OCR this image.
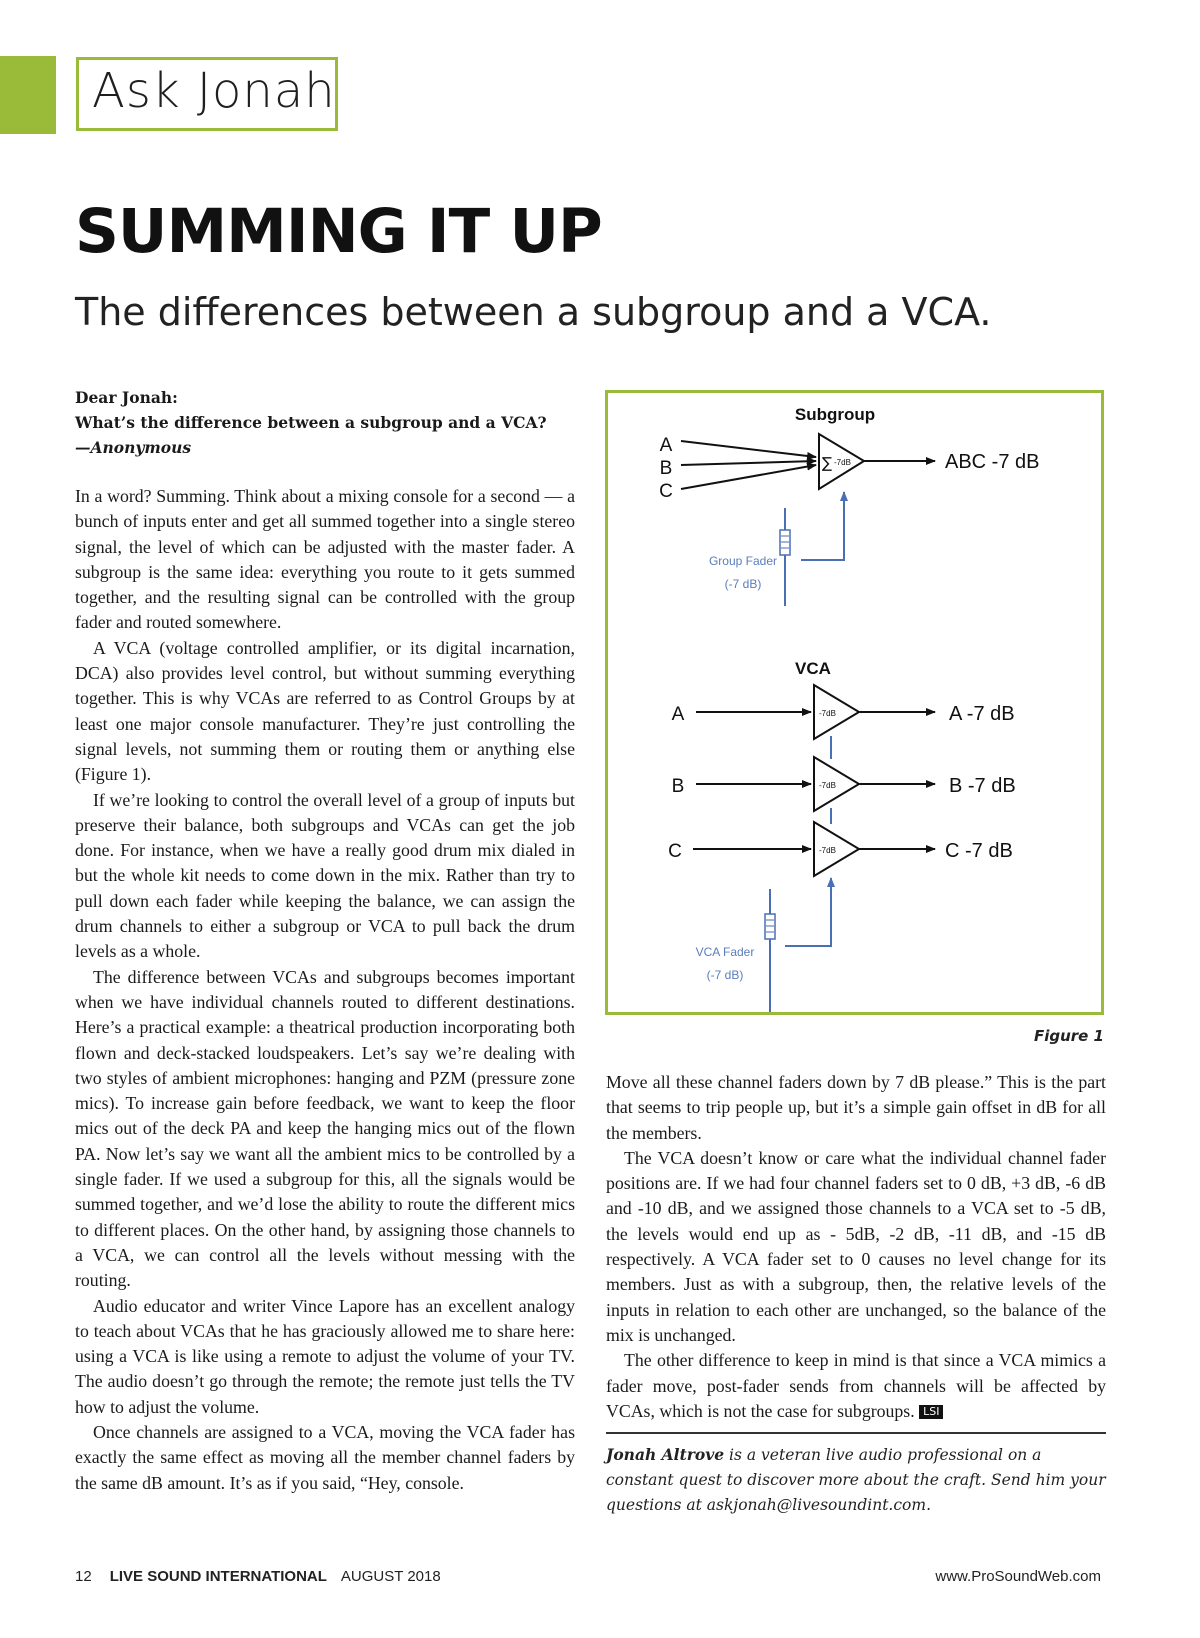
Ask Jonah
SUMMING IT UP
The differences between a subgroup and a VCA.
Dear Jonah:
What’s the difference between a subgroup and a VCA?
—Anonymous

In a word? Summing. Think about a mixing console for a second — a bunch of inputs enter and get all summed together into a single stereo signal, the level of which can be adjusted with the master fader. A subgroup is the same idea: everything you route to it gets summed together, and the resulting signal can be controlled with the group fader and routed somewhere.

A VCA (voltage controlled amplifier, or its digital incarnation, DCA) also provides level control, but without summing everything together. This is why VCAs are referred to as Control Groups by at least one major console manufacturer. They’re just controlling the signal levels, not summing them or routing them or anything else (Figure 1).

If we’re looking to control the overall level of a group of inputs but preserve their balance, both subgroups and VCAs can get the job done. For instance, when we have a really good drum mix dialed in but the whole kit needs to come down in the mix. Rather than try to pull down each fader while keeping the balance, we can assign the drum channels to either a subgroup or VCA to pull back the drum levels as a whole.

The difference between VCAs and subgroups becomes important when we have individual channels routed to different destinations. Here’s a practical example: a theatrical production incorporating both flown and deck-stacked loudspeakers. Let’s say we’re dealing with two styles of ambient microphones: hanging and PZM (pressure zone mics). To increase gain before feedback, we want to keep the floor mics out of the deck PA and keep the hanging mics out of the flown PA. Now let’s say we want all the ambient mics to be controlled by a single fader. If we used a subgroup for this, all the signals would be summed together, and we’d lose the ability to route the different mics to different places. On the other hand, by assigning those channels to a VCA, we can control all the levels without messing with the routing.

Audio educator and writer Vince Lapore has an excellent analogy to teach about VCAs that he has graciously allowed me to share here: using a VCA is like using a remote to adjust the volume of your TV. The audio doesn’t go through the remote; the remote just tells the TV how to adjust the volume.

Once channels are assigned to a VCA, moving the VCA fader has exactly the same effect as moving all the member channel faders by the same dB amount. It’s as if you said, “Hey, console.

Subgroup
A
B
C
∑ -7dB	ABC -7 dB
Group Fader
(-7 dB)
VCA
A	-7dB	A -7 dB
B	-7dB	B -7 dB
C	-7dB	C -7 dB
VCA Fader
(-7 dB)
Figure 1

Move all these channel faders down by 7 dB please.” This is the part that seems to trip people up, but it’s a simple gain offset in dB for all the members.

The VCA doesn’t know or care what the individual channel fader positions are. If we had four channel faders set to 0 dB, +3 dB, -6 dB and -10 dB, and we assigned those channels to a VCA set to -5 dB, the levels would end up as - 5dB, -2 dB, -11 dB, and -15 dB respectively. A VCA fader set to 0 causes no level change for its members. Just as with a subgroup, then, the relative levels of the inputs in relation to each other are unchanged, so the balance of the mix is unchanged.

The other difference to keep in mind is that since a VCA mimics a fader move, post-fader sends from channels will be affected by VCAs, which is not the case for subgroups. LSI

Jonah Altrove is a veteran live audio professional on a constant quest to discover more about the craft. Send him your questions at askjonah@livesoundint.com.
12 LIVE SOUND INTERNATIONAL AUGUST 2018	www.ProSoundWeb.com
